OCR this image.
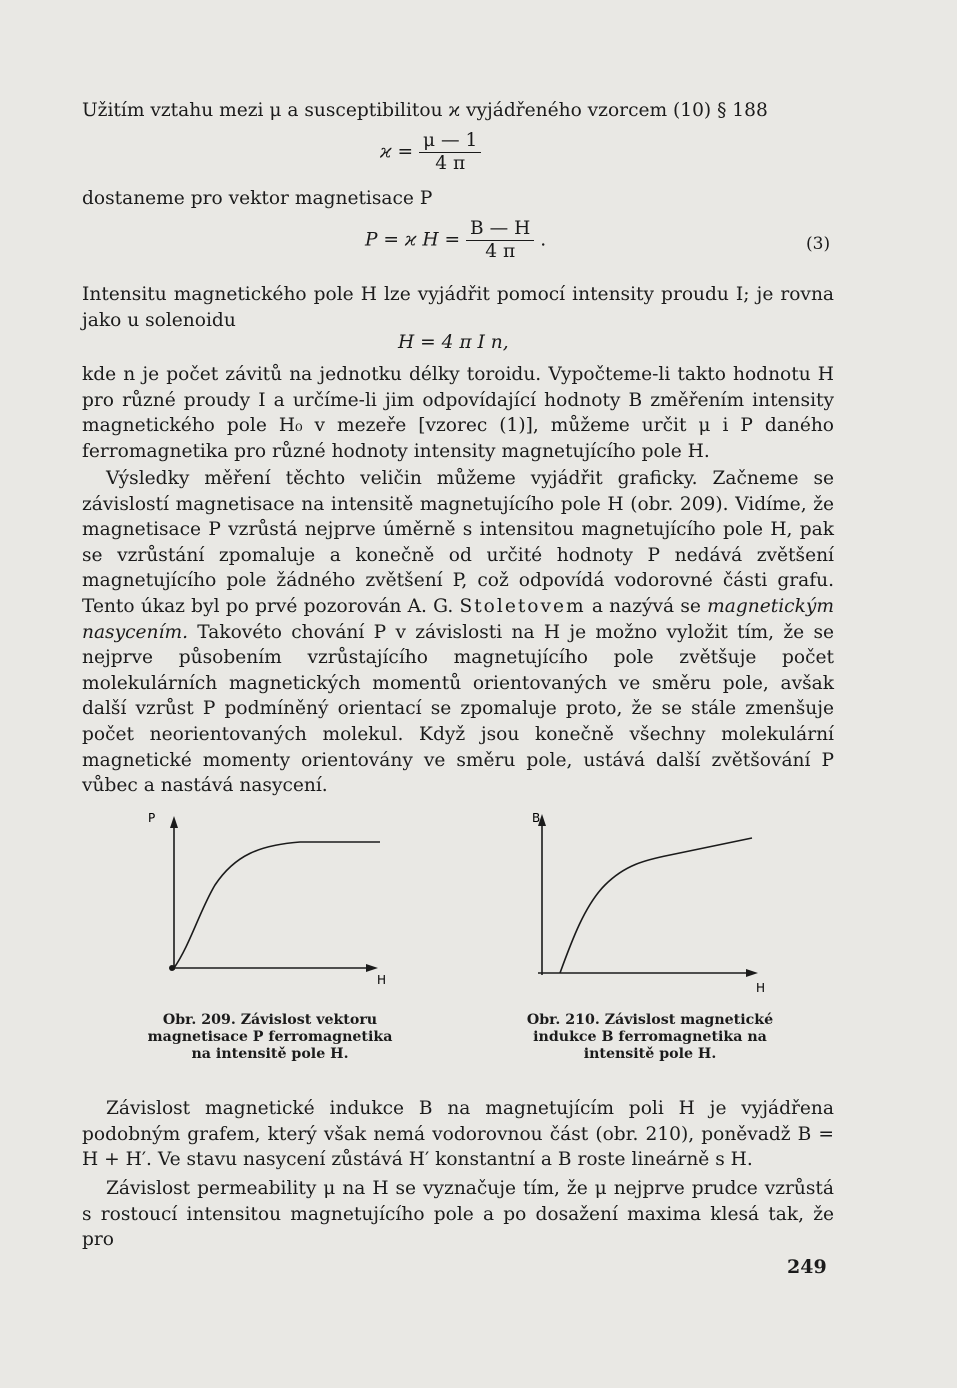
Užitím vztahu mezi μ a susceptibilitou ϰ vyjádřeného vzorcem (10) § 188

$ϰ = \frac{\mu — 1}{4 \pi}$

dostaneme pro vektor magnetisace P

P = ϰ $H = \frac{B — H}{4 \pi}$ .	(3)

Intensitu magnetického pole H lze vyjádřit pomocí intensity proudu I; je rovna jako u solenoidu

H = 4 π I n,

kde n je počet závitů na jednotku délky toroidu. Vypočteme-li takto hodnotu H pro různé proudy I a určíme-li jim odpovídající hodnoty B změřením intensity magnetického pole H₀ v mezeře [vzorec (1)], můžeme určit μ i P daného ferromagnetika pro různé hodnoty intensity magnetujícího pole H.

Výsledky měření těchto veličin můžeme vyjádřit graficky. Začneme se závislostí magnetisace na intensitě magnetujícího pole H (obr. 209). Vidíme, že magnetisace P vzrůstá nejprve úměrně s intensitou magnetujícího pole H, pak se vzrůstání zpomaluje a konečně od určité hodnoty P nedává zvětšení magnetujícího pole žádného zvětšení P, což odpovídá vodorovné části grafu. Tento úkaz byl po prvé pozorován A. G. Stoletovem a nazývá se magnetickým nasycením. Takovéto chování P v závislosti na H je možno vyložit tím, že se nejprve působením vzrůstajícího magnetujícího pole zvětšuje počet molekulárních magnetických momentů orientovaných ve směru pole, avšak další vzrůst P podmíněný orientací se zpomaluje proto, že se stále zmenšuje počet neorientovaných molekul. Když jsou konečně všechny molekulární magnetické momenty orientovány ve směru pole, ustává další zvětšování P vůbec a nastává nasycení.

P
H
Obr. 209. Závislost vektoru
magnetisace P ferromagnetika
na intensitě pole H.
B
H
Obr. 210. Závislost magnetické
indukce B ferromagnetika na
intensitě pole H.

Závislost magnetické indukce B na magnetujícím poli H je vyjádřena podobným grafem, který však nemá vodorovnou část (obr. 210), poněvadž B = H + H′. Ve stavu nasycení zůstává H′ konstantní a B roste lineárně s H.

Závislost permeability μ na H se vyznačuje tím, že μ nejprve prudce vzrůstá s rostoucí intensitou magnetujícího pole a po dosažení maxima klesá tak, že pro

249
